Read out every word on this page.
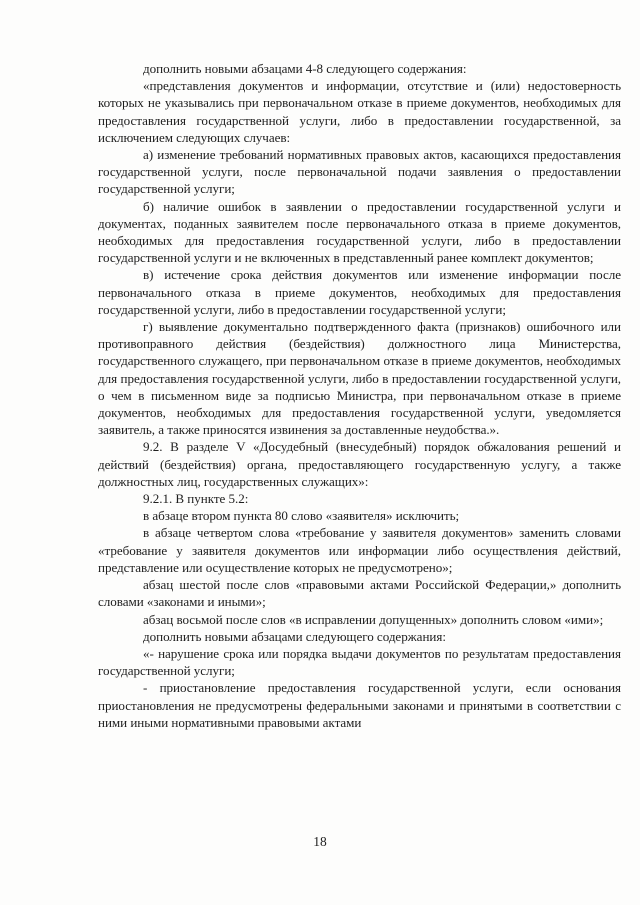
дополнить новыми абзацами 4-8 следующего содержания:

«представления документов и информации, отсутствие и (или) недостоверность которых не указывались при первоначальном отказе в приеме документов, необходимых для предоставления государственной услуги, либо в предоставлении государственной, за исключением следующих случаев:

а) изменение требований нормативных правовых актов, касающихся предоставления государственной услуги, после первоначальной подачи заявления о предоставлении государственной услуги;

б) наличие ошибок в заявлении о предоставлении государственной услуги и документах, поданных заявителем после первоначального отказа в приеме документов, необходимых для предоставления государственной услуги, либо в предоставлении государственной услуги и не включенных в представленный ранее комплект документов;

в) истечение срока действия документов или изменение информации после первоначального отказа в приеме документов, необходимых для предоставления государственной услуги, либо в предоставлении государственной услуги;

г) выявление документально подтвержденного факта (признаков) ошибочного или противоправного действия (бездействия) должностного лица Министерства, государственного служащего, при первоначальном отказе в приеме документов, необходимых для предоставления государственной услуги, либо в предоставлении государственной услуги, о чем в письменном виде за подписью Министра, при первоначальном отказе в приеме документов, необходимых для предоставления государственной услуги, уведомляется заявитель, а также приносятся извинения за доставленные неудобства.».

9.2. В разделе V «Досудебный (внесудебный) порядок обжалования решений и действий (бездействия) органа, предоставляющего государственную услугу, а также должностных лиц, государственных служащих»:

9.2.1. В пункте 5.2:

в абзаце втором пункта 80 слово «заявителя» исключить;

в абзаце четвертом слова «требование у заявителя документов» заменить словами «требование у заявителя документов или информации либо осуществления действий, представление или осуществление которых не предусмотрено»;

абзац шестой после слов «правовыми актами Российской Федерации,» дополнить словами «законами и иными»;

абзац восьмой после слов «в исправлении допущенных» дополнить словом «ими»;

дополнить новыми абзацами следующего содержания:

«- нарушение срока или порядка выдачи документов по результатам предоставления государственной услуги;

- приостановление предоставления государственной услуги, если основания приостановления не предусмотрены федеральными законами и принятыми в соответствии с ними иными нормативными правовыми актами

18
